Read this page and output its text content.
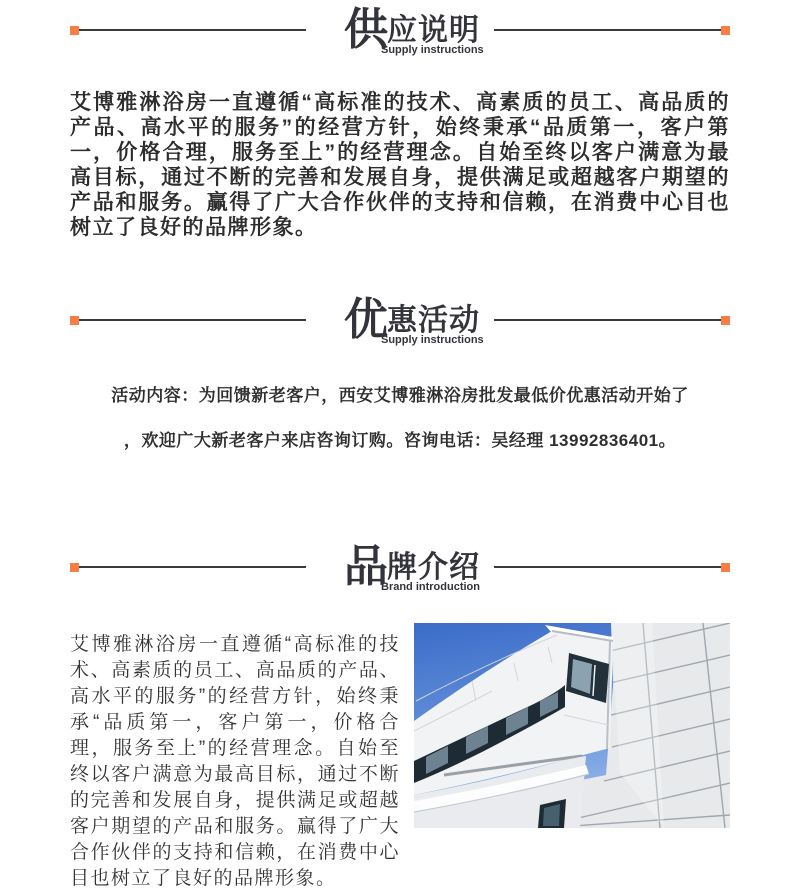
供 应说明
Supply instructions

艾博雅淋浴房一直遵循“高标准的技术、高素质的员工、高品质的产品、高水平的服务”的经营方针，始终秉承“品质第一，客户第一，价格合理，服务至上”的经营理念。自始至终以客户满意为最高目标，通过不断的完善和发展自身，提供满足或超越客户期望的产品和服务。赢得了广大合作伙伴的支持和信赖，在消费中心目也树立了良好的品牌形象。

优 惠活动
Supply instructions
活动内容：为回馈新老客户，西安艾博雅淋浴房批发最低价优惠活动开始了
，欢迎广大新老客户来店咨询订购。咨询电话：吴经理 13992836401。
品 牌介绍
Brand introduction

艾博雅淋浴房一直遵循“高标准的技术、高素质的员工、高品质的产品、高水平的服务”的经营方针，始终秉承“品质第一，客户第一，价格合理，服务至上”的经营理念。自始至终以客户满意为最高目标，通过不断的完善和发展自身，提供满足或超越客户期望的产品和服务。赢得了广大合作伙伴的支持和信赖，在消费中心目也树立了良好的品牌形象。
